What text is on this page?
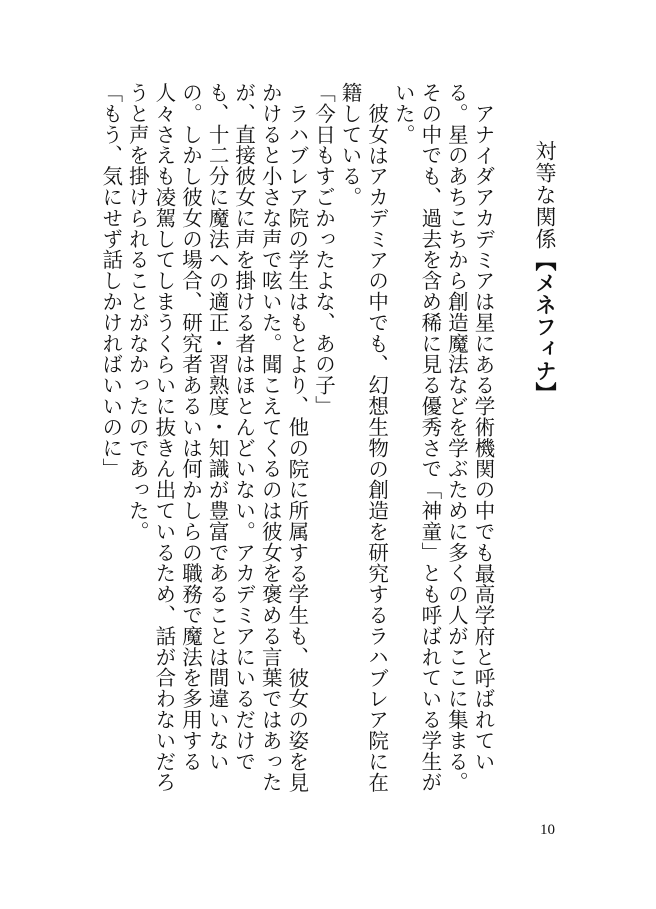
対等な関係【メネフィナ】

アナイダアカデミアは星にある学術機関の中でも最高学府と呼ばれている。星のあちこちから創造魔法などを学ぶために多くの人がここに集まる。その中でも、過去を含め稀に見る優秀さで「神童」とも呼ばれている学生がいた。

彼女はアカデミアの中でも、幻想生物の創造を研究するラハブレア院に在籍している。

「今日もすごかったよな、あの子」

ラハブレア院の学生はもとより、他の院に所属する学生も、彼女の姿を見かけると小さな声で呟いた。聞こえてくるのは彼女を褒める言葉ではあったが、直接彼女に声を掛ける者はほとんどいない。アカデミアにいるだけでも、十二分に魔法への適正・習熟度・知識が豊富であることは間違いないの。しかし彼女の場合、研究者あるいは何かしらの職務で魔法を多用する人々さえも凌駕してしまうくらいに抜きん出ているため、話が合わないだろうと声を掛けられることがなかったのであった。

「もう、気にせず話しかければいいのに」

10
